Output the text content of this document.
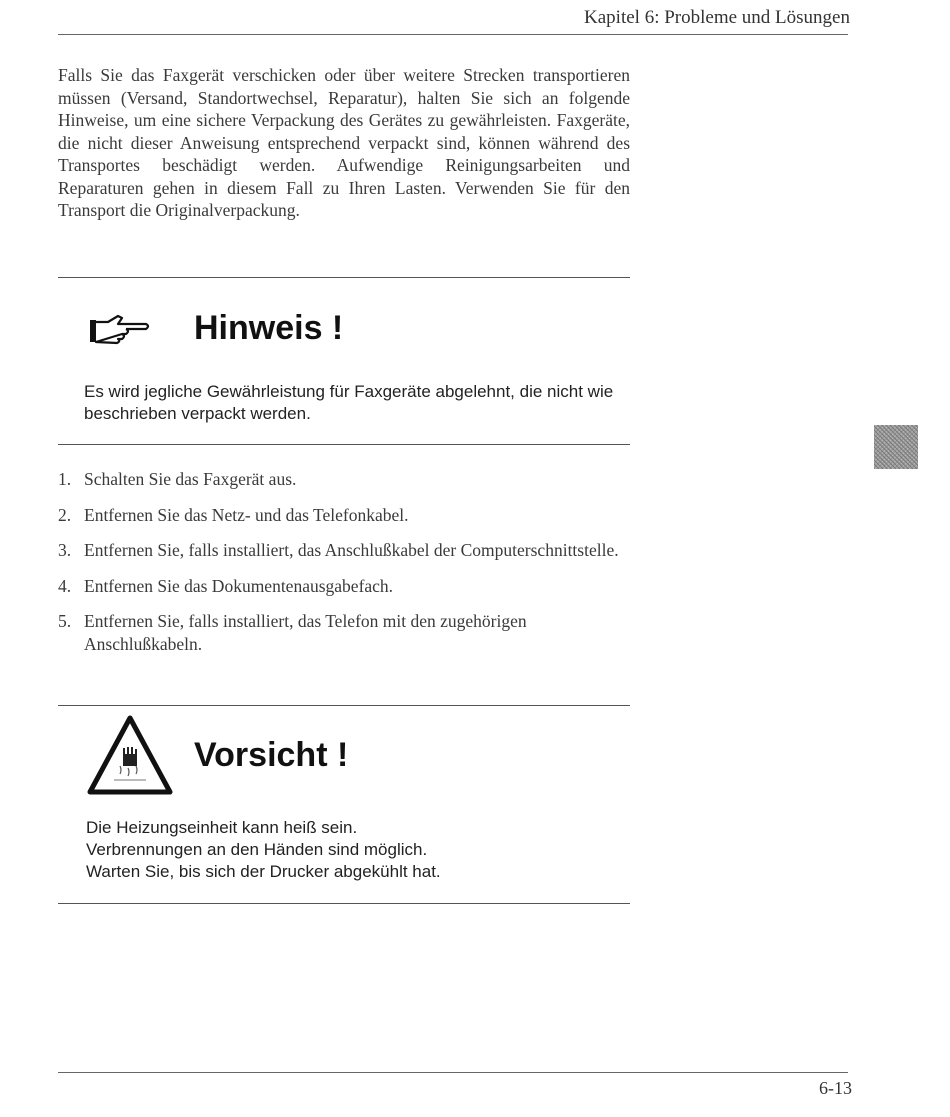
Kapitel 6: Probleme und Lösungen

Falls Sie das Faxgerät verschicken oder über weitere Strecken transportieren müssen (Versand, Standortwechsel, Reparatur), halten Sie sich an folgende Hinweise, um eine sichere Verpackung des Gerätes zu gewährleisten. Faxgeräte, die nicht dieser Anweisung entsprechend verpackt sind, können während des Transportes beschädigt werden. Aufwendige Reinigungsarbeiten und Reparaturen gehen in diesem Fall zu Ihren Lasten. Verwenden Sie für den Transport die Originalverpackung.

Hinweis !

Es wird jegliche Gewährleistung für Faxgeräte abgelehnt, die nicht wie beschrieben verpackt werden.

1. Schalten Sie das Faxgerät aus.
2. Entfernen Sie das Netz- und das Telefonkabel.
3. Entfernen Sie, falls installiert, das Anschlußkabel der Computerschnittstelle.
4. Entfernen Sie das Dokumentenausgabefach.
5. Entfernen Sie, falls installiert, das Telefon mit den zugehörigen Anschlußkabeln.
Vorsicht !
Die Heizungseinheit kann heiß sein.
Verbrennungen an den Händen sind möglich.
Warten Sie, bis sich der Drucker abgekühlt hat.
6-13
